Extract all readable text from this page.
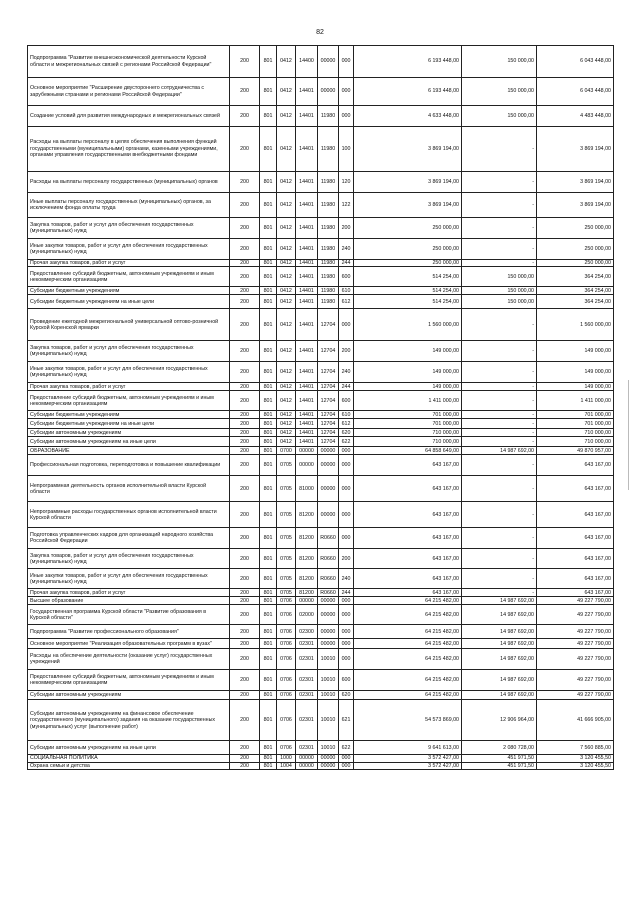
82
Подпрограмма "Развитие внешнеэкономической деятельности Курской области и межрегиональных связей с регионами Российской Федерации"	200	801	0412	14400	00000	000	6 193 448,00	150 000,00	6 043 448,00
Основное мероприятие "Расширение двустороннего сотрудничества с зарубежными странами и регионами Российской Федерации"	200	801	0412	14401	00000	000	6 193 448,00	150 000,00	6 043 448,00
Создание условий для развития международных и межрегиональных связей	200	801	0412	14401	11980	000	4 633 448,00	150 000,00	4 483 448,00
Расходы на выплаты персоналу в целях обеспечения выполнения функций государственными (муниципальными) органами, казенными учреждениями, органами управления государственными внебюджетными фондами	200	801	0412	14401	11980	100	3 869 194,00	-	3 869 194,00
Расходы на выплаты персоналу государственных (муниципальных) органов	200	801	0412	14401	11980	120	3 869 194,00	-	3 869 194,00
Иные выплаты персоналу государственных (муниципальных) органов, за исключением фонда оплаты труда	200	801	0412	14401	11980	122	3 869 194,00	-	3 869 194,00
Закупка товаров, работ и услуг для обеспечения государственных (муниципальных) нужд	200	801	0412	14401	11980	200	250 000,00	-	250 000,00
Иные закупки товаров, работ и услуг для обеспечения государственных (муниципальных) нужд	200	801	0412	14401	11980	240	250 000,00	-	250 000,00
Прочая закупка товаров, работ и услуг	200	801	0412	14401	11980	244	250 000,00	-	250 000,00
Предоставление субсидий бюджетным, автономным учреждениям и иным некоммерческим организациям	200	801	0412	14401	11980	600	514 254,00	150 000,00	364 254,00
Субсидии бюджетным учреждениям	200	801	0412	14401	11980	610	514 254,00	150 000,00	364 254,00
Субсидии бюджетным учреждениям на иные цели	200	801	0412	14401	11980	612	514 254,00	150 000,00	364 254,00
Проведение ежегодной межрегиональной универсальной оптово-розничной Курской Коренской ярмарки	200	801	0412	14401	12704	000	1 560 000,00	-	1 560 000,00
Закупка товаров, работ и услуг для обеспечения государственных (муниципальных) нужд	200	801	0412	14401	12704	200	149 000,00	-	149 000,00
Иные закупки товаров, работ и услуг для обеспечения государственных (муниципальных) нужд	200	801	0412	14401	12704	240	149 000,00	-	149 000,00
Прочая закупка товаров, работ и услуг	200	801	0412	14401	12704	244	149 000,00	-	149 000,00
Предоставление субсидий бюджетным, автономным учреждениям и иным некоммерческим организациям	200	801	0412	14401	12704	600	1 411 000,00	-	1 411 000,00
Субсидии бюджетным учреждениям	200	801	0412	14401	12704	610	701 000,00	-	701 000,00
Субсидии бюджетным учреждениям на иные цели	200	801	0412	14401	12704	612	701 000,00	-	701 000,00
Субсидии автономным учреждениям	200	801	0412	14401	12704	620	710 000,00	-	710 000,00
Субсидии автономным учреждениям на иные цели	200	801	0412	14401	12704	622	710 000,00	-	710 000,00
ОБРАЗОВАНИЕ	200	801	0700	00000	00000	000	64 858 649,00	14 987 692,00	49 870 957,00
Профессиональная подготовка, переподготовка и повышение квалификации	200	801	0705	00000	00000	000	643 167,00	-	643 167,00
Непрограммная деятельность органов исполнительной власти Курской области	200	801	0705	81000	00000	000	643 167,00	-	643 167,00
Непрограммные расходы государственных органов исполнительной власти Курской области	200	801	0705	81200	00000	000	643 167,00	-	643 167,00
Подготовка управленческих кадров для организаций народного хозяйства Российской Федерации	200	801	0705	81200	R0660	000	643 167,00	-	643 167,00
Закупка товаров, работ и услуг для обеспечения государственных (муниципальных) нужд	200	801	0705	81200	R0660	200	643 167,00	-	643 167,00
Иные закупки товаров, работ и услуг для обеспечения государственных (муниципальных) нужд	200	801	0705	81200	R0660	240	643 167,00	-	643 167,00
Прочая закупка товаров, работ и услуг	200	801	0705	81200	R0660	244	643 167,00	-	643 167,00
Высшее образование	200	801	0706	00000	00000	000	64 215 482,00	14 987 692,00	49 227 790,00
Государственная программа Курской области "Развитие образования в Курской области"	200	801	0706	02000	00000	000	64 215 482,00	14 987 692,00	49 227 790,00
Подпрограмма "Развитие профессионального образования"	200	801	0706	02300	00000	000	64 215 482,00	14 987 692,00	49 227 790,00
Основное мероприятие "Реализация образовательных программ в вузах"	200	801	0706	02301	00000	000	64 215 482,00	14 987 692,00	49 227 790,00
Расходы на обеспечение деятельности (оказание услуг) государственных учреждений	200	801	0706	02301	10010	000	64 215 482,00	14 987 692,00	49 227 790,00
Предоставление субсидий бюджетным, автономным учреждениям и иным некоммерческим организациям	200	801	0706	02301	10010	600	64 215 482,00	14 987 692,00	49 227 790,00
Субсидии автономным учреждениям	200	801	0706	02301	10010	620	64 215 482,00	14 987 692,00	49 227 790,00
Субсидии автономным учреждениям на финансовое обеспечение государственного (муниципального) задания на оказание государственных (муниципальных) услуг (выполнение работ)	200	801	0706	02301	10010	621	54 573 869,00	12 906 964,00	41 666 905,00
Субсидии автономным учреждениям на иные цели	200	801	0706	02301	10010	622	9 641 613,00	2 080 728,00	7 560 885,00
СОЦИАЛЬНАЯ ПОЛИТИКА	200	801	1000	00000	00000	000	3 572 427,00	451 971,50	3 120 455,50
Охрана семьи и детства	200	801	1004	00000	00000	000	3 572 427,00	451 971,50	3 120 455,50
